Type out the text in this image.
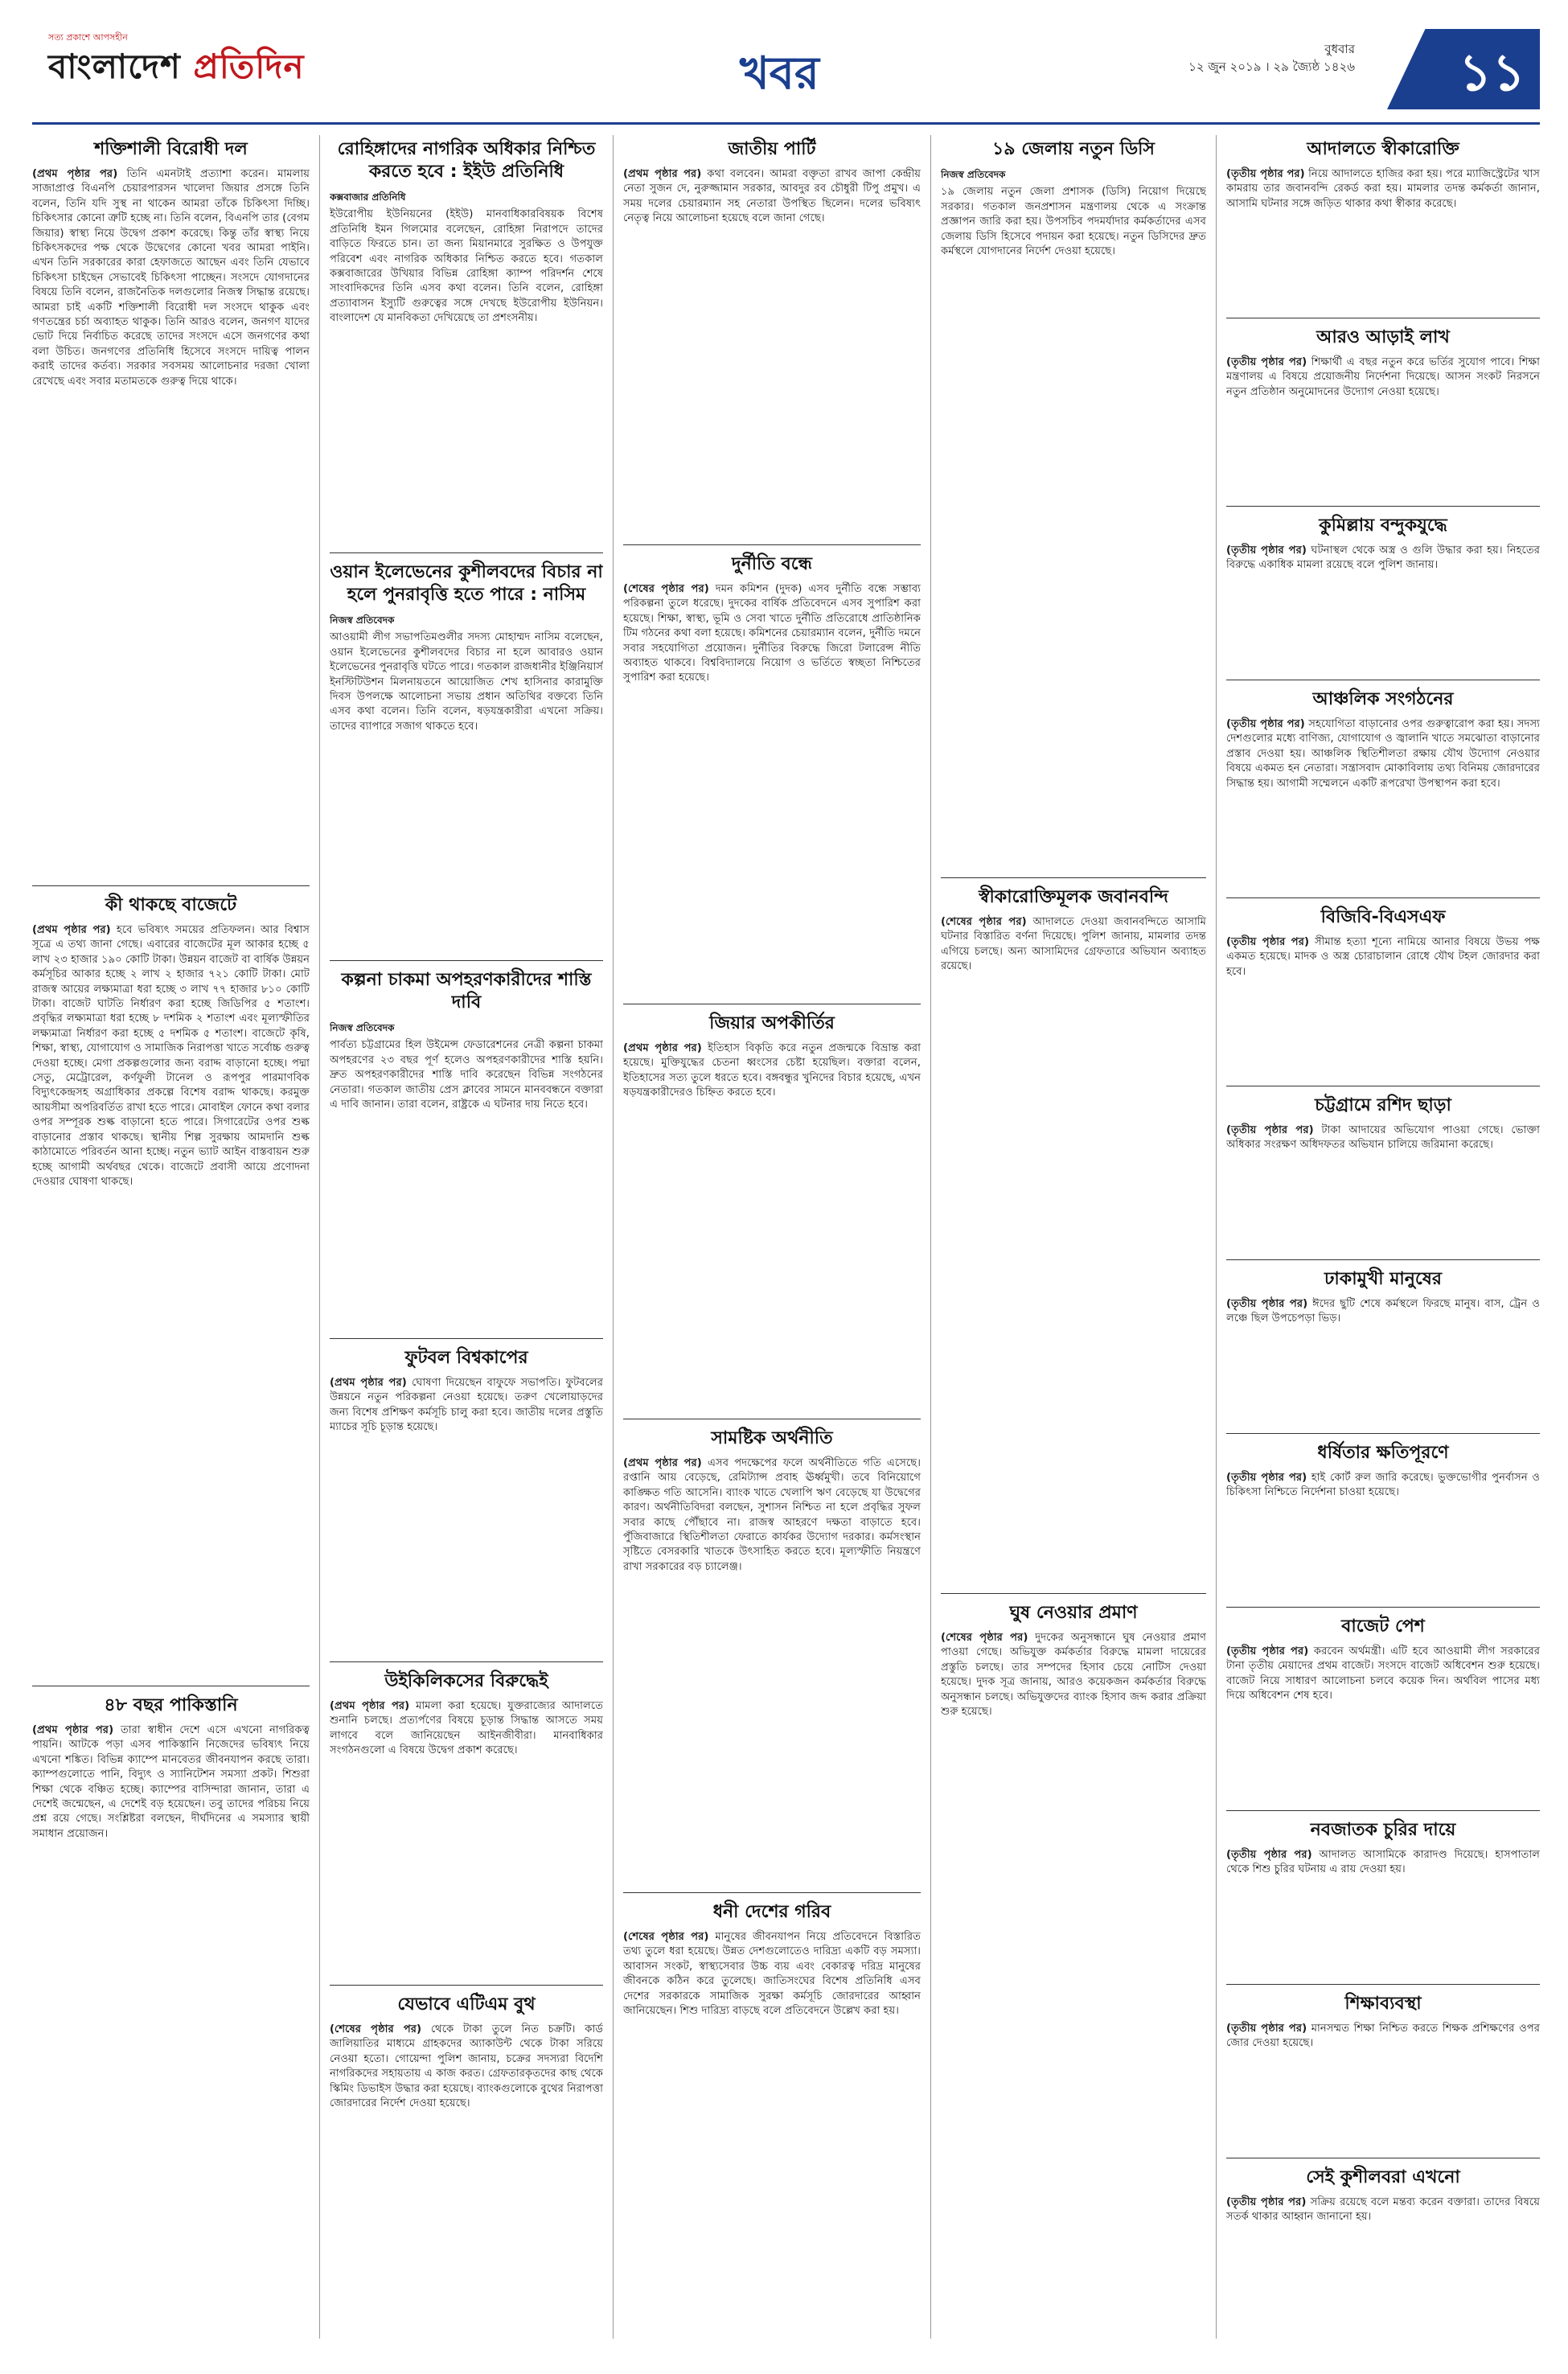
সত্য প্রকাশে আপসহীন
বাংলাদেশ প্রতিদিন	খবর	বুধবার
১২ জুন ২০১৯ । ২৯ জ্যৈষ্ঠ ১৪২৬ ১১
শক্তিশালী বিরোধী দল

(প্রথম পৃষ্ঠার পর) তিনি এমনটাই প্রত্যাশা করেন। মামলায় সাজাপ্রাপ্ত বিএনপি চেয়ারপারসন খালেদা জিয়ার প্রসঙ্গে তিনি বলেন, তিনি যদি সুস্থ না থাকেন আমরা তাঁকে চিকিৎসা দিচ্ছি। চিকিৎসার কোনো ত্রুটি হচ্ছে না। তিনি বলেন, বিএনপি তার (বেগম জিয়ার) স্বাস্থ্য নিয়ে উদ্বেগ প্রকাশ করেছে। কিন্তু তাঁর স্বাস্থ্য নিয়ে চিকিৎসকদের পক্ষ থেকে উদ্বেগের কোনো খবর আমরা পাইনি। এখন তিনি সরকারের কারা হেফাজতে আছেন এবং তিনি যেভাবে চিকিৎসা চাইছেন সেভাবেই চিকিৎসা পাচ্ছেন। সংসদে যোগদানের বিষয়ে তিনি বলেন, রাজনৈতিক দলগুলোর নিজস্ব সিদ্ধান্ত রয়েছে। আমরা চাই একটি শক্তিশালী বিরোধী দল সংসদে থাকুক এবং গণতন্ত্রের চর্চা অব্যাহত থাকুক। তিনি আরও বলেন, জনগণ যাদের ভোট দিয়ে নির্বাচিত করেছে তাদের সংসদে এসে জনগণের কথা বলা উচিত। জনগণের প্রতিনিধি হিসেবে সংসদে দায়িত্ব পালন করাই তাদের কর্তব্য। সরকার সবসময় আলোচনার দরজা খোলা রেখেছে এবং সবার মতামতকে গুরুত্ব দিয়ে থাকে।

কী থাকছে বাজেটে

(প্রথম পৃষ্ঠার পর) হবে ভবিষ্যৎ সময়ের প্রতিফলন। আর বিশ্বাস সূত্রে এ তথ্য জানা গেছে। এবারের বাজেটের মূল আকার হচ্ছে ৫ লাখ ২৩ হাজার ১৯০ কোটি টাকা। উন্নয়ন বাজেট বা বার্ষিক উন্নয়ন কর্মসূচির আকার হচ্ছে ২ লাখ ২ হাজার ৭২১ কোটি টাকা। মোট রাজস্ব আয়ের লক্ষ্যমাত্রা ধরা হচ্ছে ৩ লাখ ৭৭ হাজার ৮১০ কোটি টাকা। বাজেট ঘাটতি নির্ধারণ করা হচ্ছে জিডিপির ৫ শতাংশ। প্রবৃদ্ধির লক্ষ্যমাত্রা ধরা হচ্ছে ৮ দশমিক ২ শতাংশ এবং মূল্যস্ফীতির লক্ষ্যমাত্রা নির্ধারণ করা হচ্ছে ৫ দশমিক ৫ শতাংশ। বাজেটে কৃষি, শিক্ষা, স্বাস্থ্য, যোগাযোগ ও সামাজিক নিরাপত্তা খাতে সর্বোচ্চ গুরুত্ব দেওয়া হচ্ছে। মেগা প্রকল্পগুলোর জন্য বরাদ্দ বাড়ানো হচ্ছে। পদ্মা সেতু, মেট্রোরেল, কর্ণফুলী টানেল ও রূপপুর পারমাণবিক বিদ্যুৎকেন্দ্রসহ অগ্রাধিকার প্রকল্পে বিশেষ বরাদ্দ থাকছে। করমুক্ত আয়সীমা অপরিবর্তিত রাখা হতে পারে। মোবাইল ফোনে কথা বলার ওপর সম্পূরক শুল্ক বাড়ানো হতে পারে। সিগারেটের ওপর শুল্ক বাড়ানোর প্রস্তাব থাকছে। স্থানীয় শিল্প সুরক্ষায় আমদানি শুল্ক কাঠামোতে পরিবর্তন আনা হচ্ছে। নতুন ভ্যাট আইন বাস্তবায়ন শুরু হচ্ছে আগামী অর্থবছর থেকে। বাজেটে প্রবাসী আয়ে প্রণোদনা দেওয়ার ঘোষণা থাকছে।

৪৮ বছর পাকিস্তানি

(প্রথম পৃষ্ঠার পর) তারা স্বাধীন দেশে এসে এখনো নাগরিকত্ব পায়নি। আটকে পড়া এসব পাকিস্তানি নিজেদের ভবিষ্যৎ নিয়ে এখনো শঙ্কিত। বিভিন্ন ক্যাম্পে মানবেতর জীবনযাপন করছে তারা। ক্যাম্পগুলোতে পানি, বিদ্যুৎ ও স্যানিটেশন সমস্যা প্রকট। শিশুরা শিক্ষা থেকে বঞ্চিত হচ্ছে। ক্যাম্পের বাসিন্দারা জানান, তারা এ দেশেই জন্মেছেন, এ দেশেই বড় হয়েছেন। তবু তাদের পরিচয় নিয়ে প্রশ্ন রয়ে গেছে। সংশ্লিষ্টরা বলছেন, দীর্ঘদিনের এ সমস্যার স্থায়ী সমাধান প্রয়োজন।

রোহিঙ্গাদের নাগরিক অধিকার নিশ্চিত করতে হবে : ইইউ প্রতিনিধি
কক্সবাজার প্রতিনিধি

ইউরোপীয় ইউনিয়নের (ইইউ) মানবাধিকারবিষয়ক বিশেষ প্রতিনিধি ইমন গিলমোর বলেছেন, রোহিঙ্গা নিরাপদে তাদের বাড়িতে ফিরতে চান। তা জন্য মিয়ানমারে সুরক্ষিত ও উপযুক্ত পরিবেশ এবং নাগরিক অধিকার নিশ্চিত করতে হবে। গতকাল কক্সবাজারের উখিয়ার বিভিন্ন রোহিঙ্গা ক্যাম্প পরিদর্শন শেষে সাংবাদিকদের তিনি এসব কথা বলেন। তিনি বলেন, রোহিঙ্গা প্রত্যাবাসন ইস্যুটি গুরুত্বের সঙ্গে দেখছে ইউরোপীয় ইউনিয়ন। বাংলাদেশ যে মানবিকতা দেখিয়েছে তা প্রশংসনীয়।

ওয়ান ইলেভেনের কুশীলবদের বিচার না হলে পুনরাবৃত্তি হতে পারে : নাসিম
নিজস্ব প্রতিবেদক

আওয়ামী লীগ সভাপতিমণ্ডলীর সদস্য মোহাম্মদ নাসিম বলেছেন, ওয়ান ইলেভেনের কুশীলবদের বিচার না হলে আবারও ওয়ান ইলেভেনের পুনরাবৃত্তি ঘটতে পারে। গতকাল রাজধানীর ইঞ্জিনিয়ার্স ইনস্টিটিউশন মিলনায়তনে আয়োজিত শেখ হাসিনার কারামুক্তি দিবস উপলক্ষে আলোচনা সভায় প্রধান অতিথির বক্তব্যে তিনি এসব কথা বলেন। তিনি বলেন, ষড়যন্ত্রকারীরা এখনো সক্রিয়। তাদের ব্যাপারে সজাগ থাকতে হবে।

কল্পনা চাকমা অপহরণকারীদের শাস্তি দাবি
নিজস্ব প্রতিবেদক

পার্বত্য চট্টগ্রামের হিল উইমেন্স ফেডারেশনের নেত্রী কল্পনা চাকমা অপহরণের ২৩ বছর পূর্ণ হলেও অপহরণকারীদের শাস্তি হয়নি। দ্রুত অপহরণকারীদের শাস্তি দাবি করেছেন বিভিন্ন সংগঠনের নেতারা। গতকাল জাতীয় প্রেস ক্লাবের সামনে মানববন্ধনে বক্তারা এ দাবি জানান। তারা বলেন, রাষ্ট্রকে এ ঘটনার দায় নিতে হবে।

ফুটবল বিশ্বকাপের

(প্রথম পৃষ্ঠার পর) ঘোষণা দিয়েছেন বাফুফে সভাপতি। ফুটবলের উন্নয়নে নতুন পরিকল্পনা নেওয়া হয়েছে। তরুণ খেলোয়াড়দের জন্য বিশেষ প্রশিক্ষণ কর্মসূচি চালু করা হবে। জাতীয় দলের প্রস্তুতি ম্যাচের সূচি চূড়ান্ত হয়েছে।

উইকিলিকসের বিরুদ্ধেই

(প্রথম পৃষ্ঠার পর) মামলা করা হয়েছে। যুক্তরাজ্যের আদালতে শুনানি চলছে। প্রত্যর্পণের বিষয়ে চূড়ান্ত সিদ্ধান্ত আসতে সময় লাগবে বলে জানিয়েছেন আইনজীবীরা। মানবাধিকার সংগঠনগুলো এ বিষয়ে উদ্বেগ প্রকাশ করেছে।

যেভাবে এটিএম বুথ

(শেষের পৃষ্ঠার পর) থেকে টাকা তুলে নিত চক্রটি। কার্ড জালিয়াতির মাধ্যমে গ্রাহকদের অ্যাকাউন্ট থেকে টাকা সরিয়ে নেওয়া হতো। গোয়েন্দা পুলিশ জানায়, চক্রের সদস্যরা বিদেশি নাগরিকদের সহায়তায় এ কাজ করত। গ্রেফতারকৃতদের কাছ থেকে স্কিমিং ডিভাইস উদ্ধার করা হয়েছে। ব্যাংকগুলোকে বুথের নিরাপত্তা জোরদারের নির্দেশ দেওয়া হয়েছে।

জাতীয় পার্টি

(প্রথম পৃষ্ঠার পর) কথা বলবেন। আমরা বক্তৃতা রাখব জাপা কেন্দ্রীয় নেতা সুজন দে, নুরুজ্জামান সরকার, আবদুর রব চৌধুরী টিপু প্রমুখ। এ সময় দলের চেয়ারম্যান সহ নেতারা উপস্থিত ছিলেন। দলের ভবিষ্যৎ নেতৃত্ব নিয়ে আলোচনা হয়েছে বলে জানা গেছে।

দুর্নীতি বন্ধে

(শেষের পৃষ্ঠার পর) দমন কমিশন (দুদক) এসব দুর্নীতি বন্ধে সম্ভাব্য পরিকল্পনা তুলে ধরেছে। দুদকের বার্ষিক প্রতিবেদনে এসব সুপারিশ করা হয়েছে। শিক্ষা, স্বাস্থ্য, ভূমি ও সেবা খাতে দুর্নীতি প্রতিরোধে প্রাতিষ্ঠানিক টিম গঠনের কথা বলা হয়েছে। কমিশনের চেয়ারম্যান বলেন, দুর্নীতি দমনে সবার সহযোগিতা প্রয়োজন। দুর্নীতির বিরুদ্ধে জিরো টলারেন্স নীতি অব্যাহত থাকবে। বিশ্ববিদ্যালয়ে নিয়োগ ও ভর্তিতে স্বচ্ছতা নিশ্চিতের সুপারিশ করা হয়েছে।

জিয়ার অপকীর্তির

(প্রথম পৃষ্ঠার পর) ইতিহাস বিকৃতি করে নতুন প্রজন্মকে বিভ্রান্ত করা হয়েছে। মুক্তিযুদ্ধের চেতনা ধ্বংসের চেষ্টা হয়েছিল। বক্তারা বলেন, ইতিহাসের সত্য তুলে ধরতে হবে। বঙ্গবন্ধুর খুনিদের বিচার হয়েছে, এখন ষড়যন্ত্রকারীদেরও চিহ্নিত করতে হবে।

সামষ্টিক অর্থনীতি

(প্রথম পৃষ্ঠার পর) এসব পদক্ষেপের ফলে অর্থনীতিতে গতি এসেছে। রপ্তানি আয় বেড়েছে, রেমিট্যান্স প্রবাহ ঊর্ধ্বমুখী। তবে বিনিয়োগে কাঙ্ক্ষিত গতি আসেনি। ব্যাংক খাতে খেলাপি ঋণ বেড়েছে যা উদ্বেগের কারণ। অর্থনীতিবিদরা বলছেন, সুশাসন নিশ্চিত না হলে প্রবৃদ্ধির সুফল সবার কাছে পৌঁছাবে না। রাজস্ব আহরণে দক্ষতা বাড়াতে হবে। পুঁজিবাজারে স্থিতিশীলতা ফেরাতে কার্যকর উদ্যোগ দরকার। কর্মসংস্থান সৃষ্টিতে বেসরকারি খাতকে উৎসাহিত করতে হবে। মূল্যস্ফীতি নিয়ন্ত্রণে রাখা সরকারের বড় চ্যালেঞ্জ।

ধনী দেশের গরিব

(শেষের পৃষ্ঠার পর) মানুষের জীবনযাপন নিয়ে প্রতিবেদনে বিস্তারিত তথ্য তুলে ধরা হয়েছে। উন্নত দেশগুলোতেও দারিদ্র্য একটি বড় সমস্যা। আবাসন সংকট, স্বাস্থ্যসেবার উচ্চ ব্যয় এবং বেকারত্ব দরিদ্র মানুষের জীবনকে কঠিন করে তুলেছে। জাতিসংঘের বিশেষ প্রতিনিধি এসব দেশের সরকারকে সামাজিক সুরক্ষা কর্মসূচি জোরদারের আহ্বান জানিয়েছেন। শিশু দারিদ্র্য বাড়ছে বলে প্রতিবেদনে উল্লেখ করা হয়।

১৯ জেলায় নতুন ডিসি
নিজস্ব প্রতিবেদক

১৯ জেলায় নতুন জেলা প্রশাসক (ডিসি) নিয়োগ দিয়েছে সরকার। গতকাল জনপ্রশাসন মন্ত্রণালয় থেকে এ সংক্রান্ত প্রজ্ঞাপন জারি করা হয়। উপসচিব পদমর্যাদার কর্মকর্তাদের এসব জেলায় ডিসি হিসেবে পদায়ন করা হয়েছে। নতুন ডিসিদের দ্রুত কর্মস্থলে যোগদানের নির্দেশ দেওয়া হয়েছে।

স্বীকারোক্তিমূলক জবানবন্দি

(শেষের পৃষ্ঠার পর) আদালতে দেওয়া জবানবন্দিতে আসামি ঘটনার বিস্তারিত বর্ণনা দিয়েছে। পুলিশ জানায়, মামলার তদন্ত এগিয়ে চলছে। অন্য আসামিদের গ্রেফতারে অভিযান অব্যাহত রয়েছে।

ঘুষ নেওয়ার প্রমাণ

(শেষের পৃষ্ঠার পর) দুদকের অনুসন্ধানে ঘুষ নেওয়ার প্রমাণ পাওয়া গেছে। অভিযুক্ত কর্মকর্তার বিরুদ্ধে মামলা দায়েরের প্রস্তুতি চলছে। তার সম্পদের হিসাব চেয়ে নোটিস দেওয়া হয়েছে। দুদক সূত্র জানায়, আরও কয়েকজন কর্মকর্তার বিরুদ্ধে অনুসন্ধান চলছে। অভিযুক্তদের ব্যাংক হিসাব জব্দ করার প্রক্রিয়া শুরু হয়েছে।

আদালতে স্বীকারোক্তি

(তৃতীয় পৃষ্ঠার পর) নিয়ে আদালতে হাজির করা হয়। পরে ম্যাজিস্ট্রেটের খাস কামরায় তার জবানবন্দি রেকর্ড করা হয়। মামলার তদন্ত কর্মকর্তা জানান, আসামি ঘটনার সঙ্গে জড়িত থাকার কথা স্বীকার করেছে।

আরও আড়াই লাখ

(তৃতীয় পৃষ্ঠার পর) শিক্ষার্থী এ বছর নতুন করে ভর্তির সুযোগ পাবে। শিক্ষা মন্ত্রণালয় এ বিষয়ে প্রয়োজনীয় নির্দেশনা দিয়েছে। আসন সংকট নিরসনে নতুন প্রতিষ্ঠান অনুমোদনের উদ্যোগ নেওয়া হয়েছে।

কুমিল্লায় বন্দুকযুদ্ধে

(তৃতীয় পৃষ্ঠার পর) ঘটনাস্থল থেকে অস্ত্র ও গুলি উদ্ধার করা হয়। নিহতের বিরুদ্ধে একাধিক মামলা রয়েছে বলে পুলিশ জানায়।

আঞ্চলিক সংগঠনের

(তৃতীয় পৃষ্ঠার পর) সহযোগিতা বাড়ানোর ওপর গুরুত্বারোপ করা হয়। সদস্য দেশগুলোর মধ্যে বাণিজ্য, যোগাযোগ ও জ্বালানি খাতে সমঝোতা বাড়ানোর প্রস্তাব দেওয়া হয়। আঞ্চলিক স্থিতিশীলতা রক্ষায় যৌথ উদ্যোগ নেওয়ার বিষয়ে একমত হন নেতারা। সন্ত্রাসবাদ মোকাবিলায় তথ্য বিনিময় জোরদারের সিদ্ধান্ত হয়। আগামী সম্মেলনে একটি রূপরেখা উপস্থাপন করা হবে।

বিজিবি-বিএসএফ

(তৃতীয় পৃষ্ঠার পর) সীমান্ত হত্যা শূন্যে নামিয়ে আনার বিষয়ে উভয় পক্ষ একমত হয়েছে। মাদক ও অস্ত্র চোরাচালান রোধে যৌথ টহল জোরদার করা হবে।

চট্টগ্রামে রশিদ ছাড়া

(তৃতীয় পৃষ্ঠার পর) টাকা আদায়ের অভিযোগ পাওয়া গেছে। ভোক্তা অধিকার সংরক্ষণ অধিদফতর অভিযান চালিয়ে জরিমানা করেছে।

ঢাকামুখী মানুষের

(তৃতীয় পৃষ্ঠার পর) ঈদের ছুটি শেষে কর্মস্থলে ফিরছে মানুষ। বাস, ট্রেন ও লঞ্চে ছিল উপচেপড়া ভিড়।

ধর্ষিতার ক্ষতিপূরণে

(তৃতীয় পৃষ্ঠার পর) হাই কোর্ট রুল জারি করেছে। ভুক্তভোগীর পুনর্বাসন ও চিকিৎসা নিশ্চিতে নির্দেশনা চাওয়া হয়েছে।

বাজেট পেশ

(তৃতীয় পৃষ্ঠার পর) করবেন অর্থমন্ত্রী। এটি হবে আওয়ামী লীগ সরকারের টানা তৃতীয় মেয়াদের প্রথম বাজেট। সংসদে বাজেট অধিবেশন শুরু হয়েছে। বাজেট নিয়ে সাধারণ আলোচনা চলবে কয়েক দিন। অর্থবিল পাসের মধ্য দিয়ে অধিবেশন শেষ হবে।

নবজাতক চুরির দায়ে

(তৃতীয় পৃষ্ঠার পর) আদালত আসামিকে কারাদণ্ড দিয়েছে। হাসপাতাল থেকে শিশু চুরির ঘটনায় এ রায় দেওয়া হয়।

শিক্ষাব্যবস্থা

(তৃতীয় পৃষ্ঠার পর) মানসম্মত শিক্ষা নিশ্চিত করতে শিক্ষক প্রশিক্ষণের ওপর জোর দেওয়া হয়েছে।

সেই কুশীলবরা এখনো

(তৃতীয় পৃষ্ঠার পর) সক্রিয় রয়েছে বলে মন্তব্য করেন বক্তারা। তাদের বিষয়ে সতর্ক থাকার আহ্বান জানানো হয়।
